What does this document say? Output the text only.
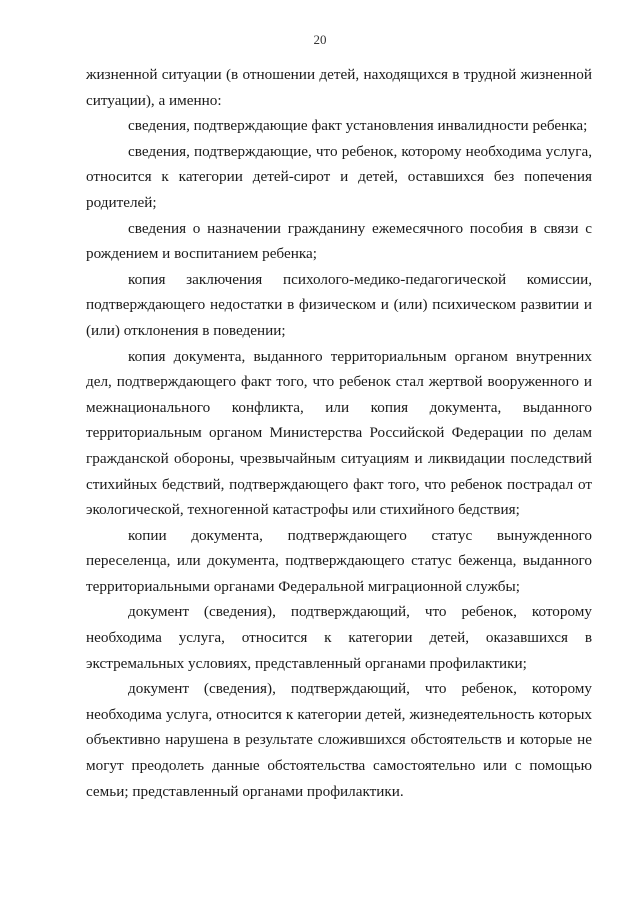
20

жизненной ситуации (в отношении детей, находящихся в трудной жизненной ситуации), а именно:

сведения, подтверждающие факт установления инвалидности ребенка;

сведения, подтверждающие, что ребенок, которому необходима услуга, относится к категории детей-сирот и детей, оставшихся без попечения родителей;

сведения о назначении гражданину ежемесячного пособия в связи с рождением и воспитанием ребенка;

копия заключения психолого-медико-педагогической комиссии, подтверждающего недостатки в физическом и (или) психическом развитии и (или) отклонения в поведении;

копия документа, выданного территориальным органом внутренних дел, подтверждающего факт того, что ребенок стал жертвой вооруженного и межнационального конфликта, или копия документа, выданного территориальным органом Министерства Российской Федерации по делам гражданской обороны, чрезвычайным ситуациям и ликвидации последствий стихийных бедствий, подтверждающего факт того, что ребенок пострадал от экологической, техногенной катастрофы или стихийного бедствия;

копии документа, подтверждающего статус вынужденного переселенца, или документа, подтверждающего статус беженца, выданного территориальными органами Федеральной миграционной службы;

документ (сведения), подтверждающий, что ребенок, которому необходима услуга, относится к категории детей, оказавшихся в экстремальных условиях, представленный органами профилактики;

документ (сведения), подтверждающий, что ребенок, которому необходима услуга, относится к категории детей, жизнедеятельность которых объективно нарушена в результате сложившихся обстоятельств и которые не могут преодолеть данные обстоятельства самостоятельно или с помощью семьи; представленный органами профилактики.
